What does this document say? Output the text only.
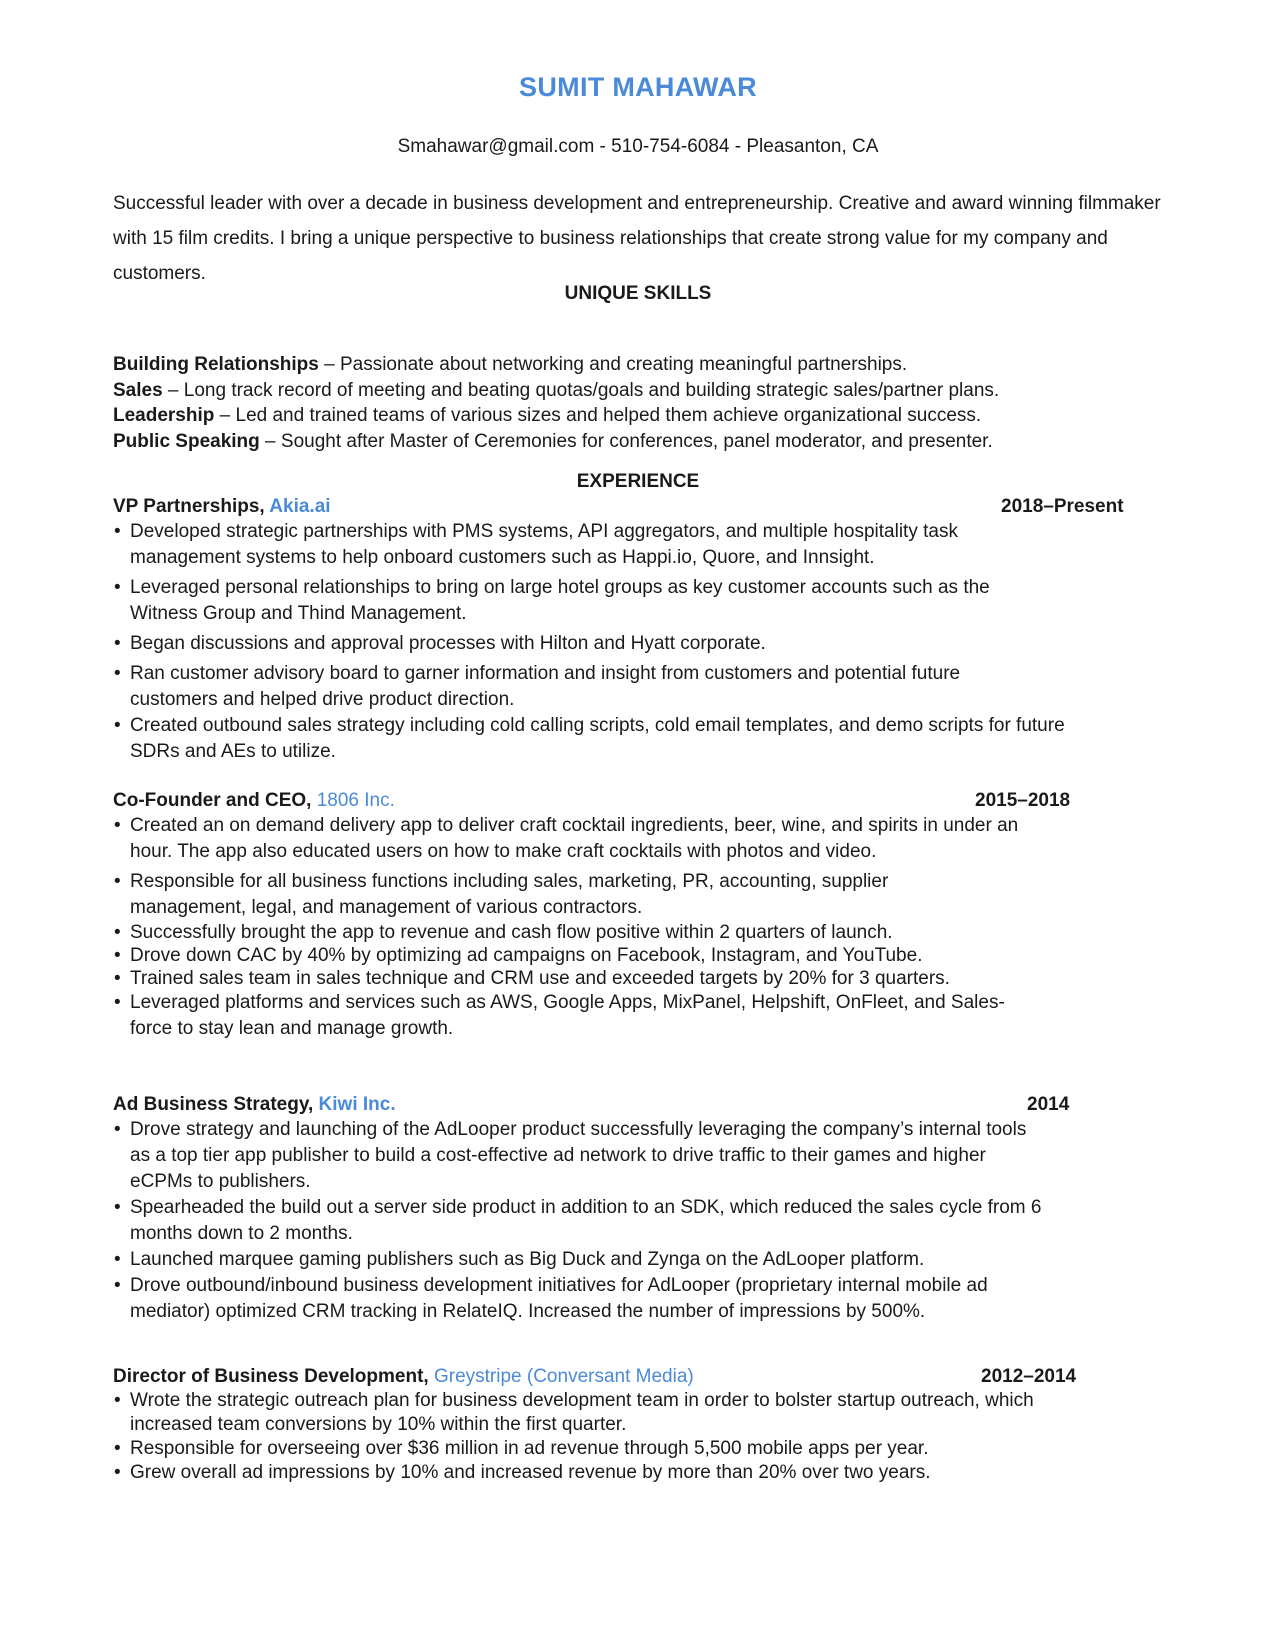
SUMIT MAHAWAR
Smahawar@gmail.com - 510-754-6084 - Pleasanton, CA
Successful leader with over a decade in business development and entrepreneurship. Creative and award winning filmmaker with 15 film credits. I bring a unique perspective to business relationships that create strong value for my company and customers.
UNIQUE SKILLS
Building Relationships – Passionate about networking and creating meaningful partnerships.
Sales – Long track record of meeting and beating quotas/goals and building strategic sales/partner plans.
Leadership – Led and trained teams of various sizes and helped them achieve organizational success.
Public Speaking – Sought after Master of Ceremonies for conferences, panel moderator, and presenter.
EXPERIENCE
VP Partnerships, Akia.ai	2018–Present
• Developed strategic partnerships with PMS systems, API aggregators, and multiple hospitality task management systems to help onboard customers such as Happi.io, Quore, and Innsight.
• Leveraged personal relationships to bring on large hotel groups as key customer accounts such as the Witness Group and Thind Management.
• Began discussions and approval processes with Hilton and Hyatt corporate.
• Ran customer advisory board to garner information and insight from customers and potential future customers and helped drive product direction.
• Created outbound sales strategy including cold calling scripts, cold email templates, and demo scripts for future SDRs and AEs to utilize.
Co-Founder and CEO, 1806 Inc.	2015–2018
• Created an on demand delivery app to deliver craft cocktail ingredients, beer, wine, and spirits in under an hour. The app also educated users on how to make craft cocktails with photos and video.
• Responsible for all business functions including sales, marketing, PR, accounting, supplier management, legal, and management of various contractors.
• Successfully brought the app to revenue and cash flow positive within 2 quarters of launch.
• Drove down CAC by 40% by optimizing ad campaigns on Facebook, Instagram, and YouTube.
• Trained sales team in sales technique and CRM use and exceeded targets by 20% for 3 quarters.
• Leveraged platforms and services such as AWS, Google Apps, MixPanel, Helpshift, OnFleet, and Sales-force to stay lean and manage growth.
Ad Business Strategy, Kiwi Inc.	2014
• Drove strategy and launching of the AdLooper product successfully leveraging the company’s internal tools as a top tier app publisher to build a cost-effective ad network to drive traffic to their games and higher eCPMs to publishers.
• Spearheaded the build out a server side product in addition to an SDK, which reduced the sales cycle from 6 months down to 2 months.
• Launched marquee gaming publishers such as Big Duck and Zynga on the AdLooper platform.
• Drove outbound/inbound business development initiatives for AdLooper (proprietary internal mobile ad mediator) optimized CRM tracking in RelateIQ. Increased the number of impressions by 500%.
Director of Business Development, Greystripe (Conversant Media)	2012–2014
• Wrote the strategic outreach plan for business development team in order to bolster startup outreach, which increased team conversions by 10% within the first quarter.
• Responsible for overseeing over $36 million in ad revenue through 5,500 mobile apps per year.
• Grew overall ad impressions by 10% and increased revenue by more than 20% over two years.
